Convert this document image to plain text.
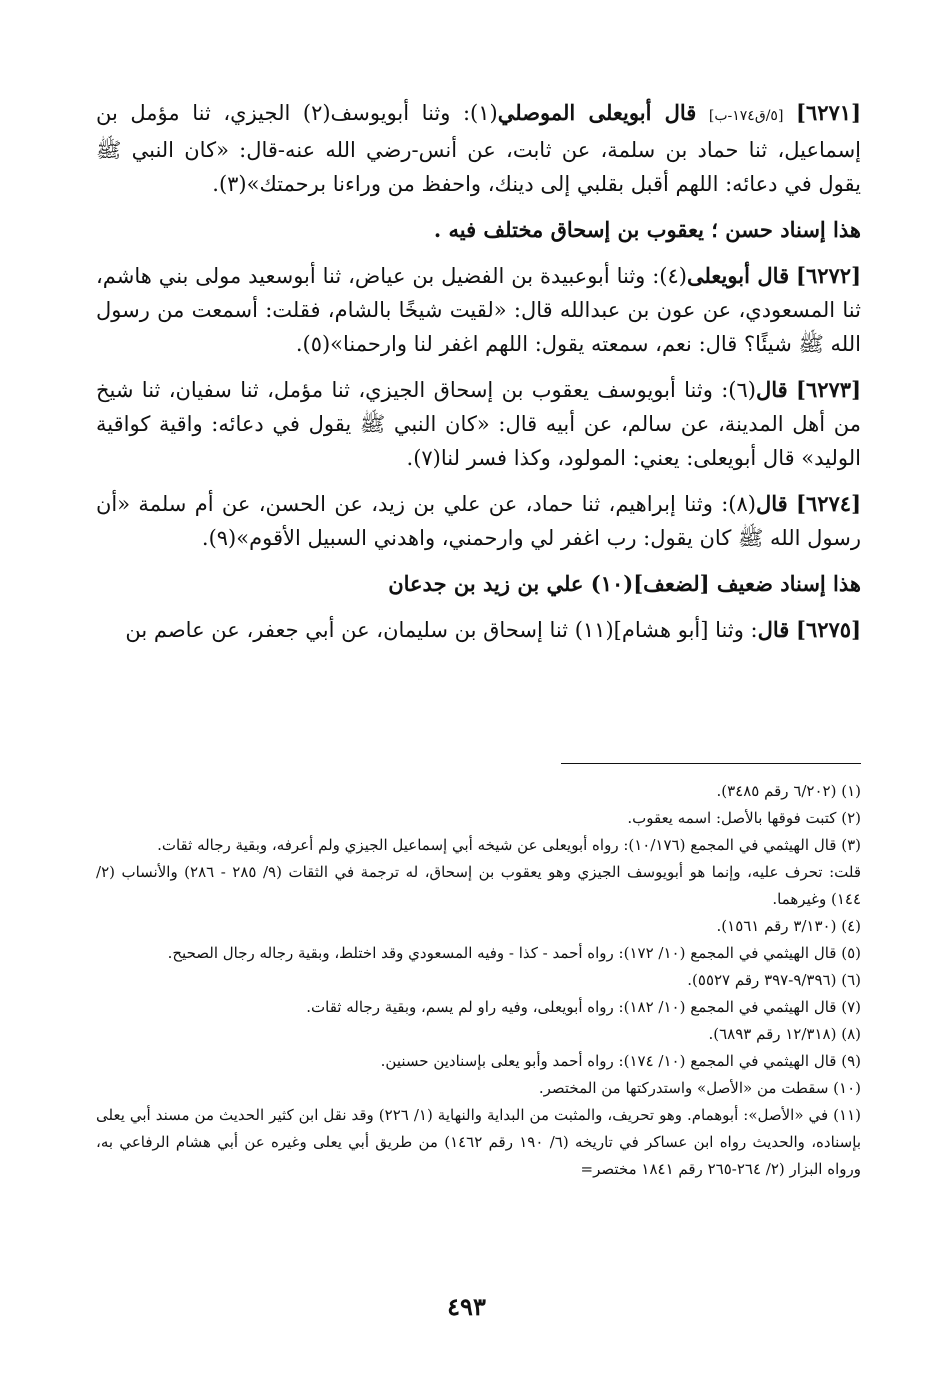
[٦٢٧١] [٥/ق١٧٤-ب] قال أبويعلى الموصلي(١): وثنا أبويوسف(٢) الجيزي، ثنا مؤمل بن إسماعيل، ثنا حماد بن سلمة، عن ثابت، عن أنس-رضي الله عنه-قال: «كان النبي ﷺ يقول في دعائه: اللهم أقبل بقلبي إلى دينك، واحفظ من وراءنا برحمتك»(٣).

هذا إسناد حسن ؛ يعقوب بن إسحاق مختلف فيه .

[٦٢٧٢] قال أبويعلى(٤): وثنا أبوعبيدة بن الفضيل بن عياض، ثنا أبوسعيد مولى بني هاشم، ثنا المسعودي، عن عون بن عبدالله قال: «لقيت شيخًا بالشام، فقلت: أسمعت من رسول الله ﷺ شيئًا؟ قال: نعم، سمعته يقول: اللهم اغفر لنا وارحمنا»(٥).

[٦٢٧٣] قال(٦): وثنا أبويوسف يعقوب بن إسحاق الجيزي، ثنا مؤمل، ثنا سفيان، ثنا شيخ من أهل المدينة، عن سالم، عن أبيه قال: «كان النبي ﷺ يقول في دعائه: واقية كواقية الوليد» قال أبويعلى: يعني: المولود، وكذا فسر لنا(٧).

[٦٢٧٤] قال(٨): وثنا إبراهيم، ثنا حماد، عن علي بن زيد، عن الحسن، عن أم سلمة «أن رسول الله ﷺ كان يقول: رب اغفر لي وارحمني، واهدني السبيل الأقوم»(٩).

هذا إسناد ضعيف [لضعف](١٠) علي بن زيد بن جدعان

[٦٢٧٥] قال: وثنا [أبو هشام](١١) ثنا إسحاق بن سليمان، عن أبي جعفر، عن عاصم بن

(١) (٦/٢٠٢ رقم ٣٤٨٥).

(٢) كتبت فوقها بالأصل: اسمه يعقوب.

(٣) قال الهيثمي في المجمع (١٠/١٧٦): رواه أبويعلى عن شيخه أبي إسماعيل الجيزي ولم أعرفه، وبقية رجاله ثقات.

قلت: تحرف عليه، وإنما هو أبويوسف الجيزي وهو يعقوب بن إسحاق، له ترجمة في الثقات (٩/ ٢٨٥ - ٢٨٦) والأنساب (٢/ ١٤٤) وغيرهما.

(٤) (٣/١٣٠ رقم ١٥٦١).

(٥) قال الهيثمي في المجمع (١٠/ ١٧٢): رواه أحمد - كذا - وفيه المسعودي وقد اختلط، وبقية رجاله رجال الصحيح.

(٦) (٩/٣٩٦-٣٩٧ رقم ٥٥٢٧).

(٧) قال الهيثمي في المجمع (١٠/ ١٨٢): رواه أبويعلى، وفيه راو لم يسم، وبقية رجاله ثقات.

(٨) (١٢/٣١٨ رقم ٦٨٩٣).

(٩) قال الهيثمي في المجمع (١٠/ ١٧٤): رواه أحمد وأبو يعلى بإسنادين حسنين.

(١٠) سقطت من «الأصل» واستدركتها من المختصر.

(١١) في «الأصل»: أبوهمام. وهو تحريف، والمثبت من البداية والنهاية (١/ ٢٢٦) وقد نقل ابن كثير الحديث من مسند أبي يعلى بإسناده، والحديث رواه ابن عساكر في تاريخه (٦/ ١٩٠ رقم ١٤٦٢) من طريق أبي يعلى وغيره عن أبي هشام الرفاعي به، ورواه البزار (٢/ ٢٦٤-٢٦٥ رقم ١٨٤١ مختصر=

٤٩٣
